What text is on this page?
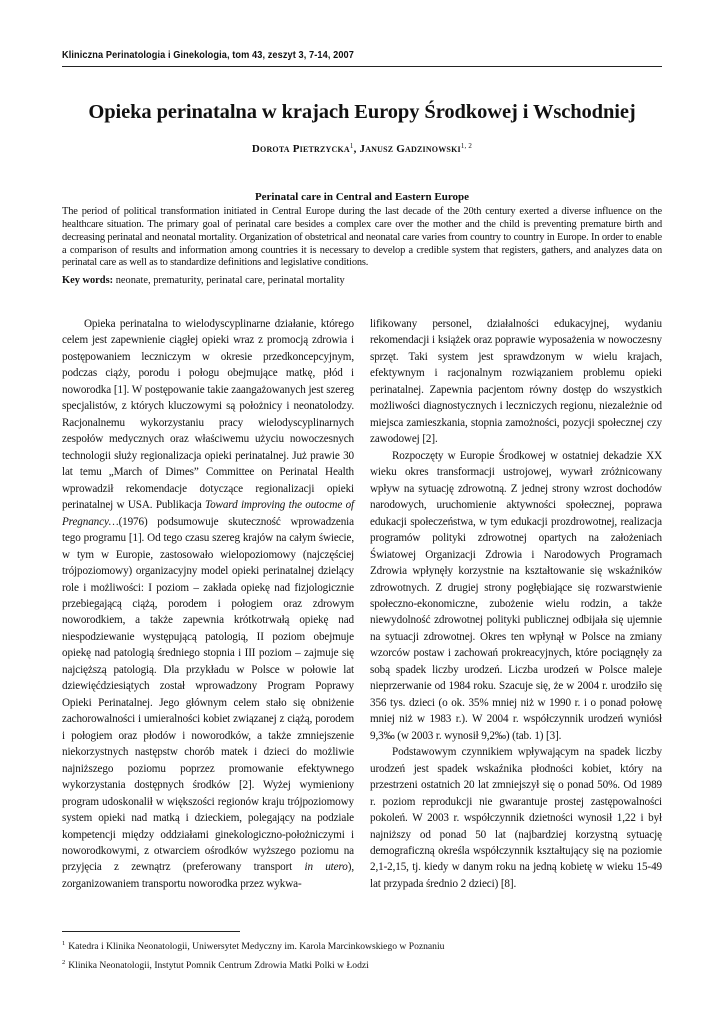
Kliniczna Perinatologia i Ginekologia, tom 43, zeszyt 3, 7-14, 2007
Opieka perinatalna w krajach Europy Środkowej i Wschodniej
Dorota Pietrzycka$^1$, Janusz Gadzinowski$^{1, 2}$
Perinatal care in Central and Eastern Europe

The period of political transformation initiated in Central Europe during the last decade of the 20th century exerted a diverse influence on the healthcare situation. The primary goal of perinatal care besides a complex care over the mother and the child is preventing premature birth and decreasing perinatal and neonatal mortality. Organization of obstetrical and neonatal care varies from country to country in Europe. In order to enable a comparison of results and information among countries it is necessary to develop a credible system that registers, gathers, and analyzes data on perinatal care as well as to standardize definitions and legislative conditions.

Key words: neonate, prematurity, perinatal care, perinatal mortality

Opieka perinatalna to wielodyscyplinarne działanie, którego celem jest zapewnienie ciągłej opieki wraz z promocją zdrowia i postępowaniem leczniczym w okresie przedkoncepcyjnym, podczas ciąży, porodu i połogu obejmujące matkę, płód i noworodka [1]. W postępowanie takie zaangażowanych jest szereg specjalistów, z których kluczowymi są położnicy i neonatolodzy. Racjonalnemu wykorzystaniu pracy wielodyscyplinarnych zespołów medycznych oraz właściwemu użyciu nowoczesnych technologii służy regionalizacja opieki perinatalnej. Już prawie 30 lat temu „March of Dimes” Committee on Perinatal Health wprowadził rekomendacje dotyczące regionalizacji opieki perinatalnej w USA. Publikacja Toward improving the outocme of Pregnancy…(1976) podsumowuje skuteczność wprowadzenia tego programu [1]. Od tego czasu szereg krajów na całym świecie, w tym w Europie, zastosowało wielopoziomowy (najczęściej trójpoziomowy) organizacyjny model opieki perinatalnej dzielący role i możliwości: I poziom – zakłada opiekę nad fizjologicznie przebiegającą ciążą, porodem i połogiem oraz zdrowym noworodkiem, a także zapewnia krótkotrwałą opiekę nad niespodziewanie występującą patologią, II poziom obejmuje opiekę nad patologią średniego stopnia i III poziom – zajmuje się najcięższą patologią. Dla przykładu w Polsce w połowie lat dziewięćdziesiątych został wprowadzony Program Poprawy Opieki Perinatalnej. Jego głównym celem stało się obniżenie zachorowalności i umieralności kobiet związanej z ciążą, porodem i połogiem oraz płodów i noworodków, a także zmniejszenie niekorzystnych następstw chorób matek i dzieci do możliwie najniższego poziomu poprzez promowanie efektywnego wykorzystania dostępnych środków [2]. Wyżej wymieniony program udoskonalił w większości regionów kraju trójpoziomowy system opieki nad matką i dzieckiem, polegający na podziale kompetencji między oddziałami ginekologiczno-położniczymi i noworodkowymi, z otwarciem ośrodków wyższego poziomu na przyjęcia z zewnątrz (preferowany transport in utero), zorganizowaniem transportu noworodka przez wykwa-

lifikowany personel, działalności edukacyjnej, wydaniu rekomendacji i książek oraz poprawie wyposażenia w nowoczesny sprzęt. Taki system jest sprawdzonym w wielu krajach, efektywnym i racjonalnym rozwiązaniem problemu opieki perinatalnej. Zapewnia pacjentom równy dostęp do wszystkich możliwości diagnostycznych i leczniczych regionu, niezależnie od miejsca zamieszkania, stopnia zamożności, pozycji społecznej czy zawodowej [2].

Rozpoczęty w Europie Środkowej w ostatniej dekadzie XX wieku okres transformacji ustrojowej, wywarł zróżnicowany wpływ na sytuację zdrowotną. Z jednej strony wzrost dochodów narodowych, uruchomienie aktywności społecznej, poprawa edukacji społeczeństwa, w tym edukacji prozdrowotnej, realizacja programów polityki zdrowotnej opartych na założeniach Światowej Organizacji Zdrowia i Narodowych Programach Zdrowia wpłynęły korzystnie na kształtowanie się wskaźników zdrowotnych. Z drugiej strony pogłębiające się rozwarstwienie społeczno-ekonomiczne, zubożenie wielu rodzin, a także niewydolność zdrowotnej polityki publicznej odbijała się ujemnie na sytuacji zdrowotnej. Okres ten wpłynął w Polsce na zmiany wzorców postaw i zachowań prokreacyjnych, które pociągnęły za sobą spadek liczby urodzeń. Liczba urodzeń w Polsce maleje nieprzerwanie od 1984 roku. Szacuje się, że w 2004 r. urodziło się 356 tys. dzieci (o ok. 35% mniej niż w 1990 r. i o ponad połowę mniej niż w 1983 r.). W 2004 r. współczynnik urodzeń wyniósł 9,3‰ (w 2003 r. wynosił 9,2‰) (tab. 1) [3].

Podstawowym czynnikiem wpływającym na spadek liczby urodzeń jest spadek wskaźnika płodności kobiet, który na przestrzeni ostatnich 20 lat zmniejszył się o ponad 50%. Od 1989 r. poziom reprodukcji nie gwarantuje prostej zastępowalności pokoleń. W 2003 r. współczynnik dzietności wynosił 1,22 i był najniższy od ponad 50 lat (najbardziej korzystną sytuację demograficzną określa współczynnik kształtujący się na poziomie 2,1-2,15, tj. kiedy w danym roku na jedną kobietę w wieku 15-49 lat przypada średnio 2 dzieci) [8].

$^1$ Katedra i Klinika Neonatologii, Uniwersytet Medyczny im. Karola Marcinkowskiego w Poznaniu
$^2$ Klinika Neonatologii, Instytut Pomnik Centrum Zdrowia Matki Polki w Łodzi
